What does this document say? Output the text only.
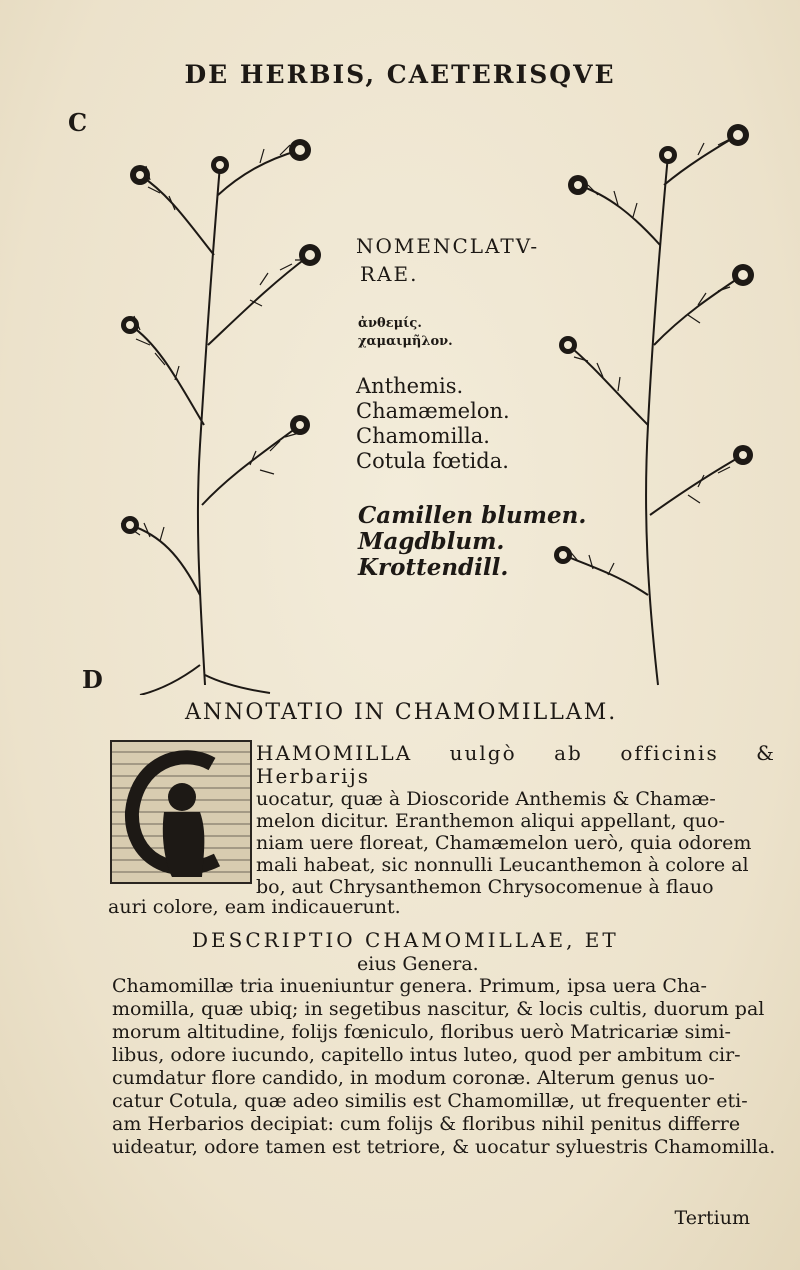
DE HERBIS, CAETERISQVE
C
D
NOMENCLATV-
RAE.
ἀνθεμίς.
χαμαιμῆλον.
Anthemis.
Chamæmelon.
Chamomilla.
Cotula fœtida.
Camillen blumen.
Magdblum.
Krottendill.
ANNOTATIO IN CHAMOMILLAM.
HAMOMILLA uulgò ab officinis & Herbarijs
uocatur, quæ à Dioscoride Anthemis & Chamæ-
melon dicitur. Eranthemon aliqui appellant, quo-
niam uere floreat, Chamæmelon uerò, quia odorem
mali habeat, sic nonnulli Leucanthemon à colore al
bo, aut Chrysanthemon Chrysocomenue à flauo
auri colore, eam indicauerunt.
DESCRIPTIO CHAMOMILLAE, ET
eius Genera.
Chamomillæ tria inueniuntur genera. Primum, ipsa uera Cha-
momilla, quæ ubiq; in segetibus nascitur, & locis cultis, duorum pal
morum altitudine, folijs fœniculo, floribus uerò Matricariæ simi-
libus, odore iucundo, capitello intus luteo, quod per ambitum cir-
cumdatur flore candido, in modum coronæ. Alterum genus uo-
catur Cotula, quæ adeo similis est Chamomillæ, ut frequenter eti-
am Herbarios decipiat: cum folijs & floribus nihil penitus differre
uideatur, odore tamen est tetriore, & uocatur syluestris Chamomilla.
Tertium
